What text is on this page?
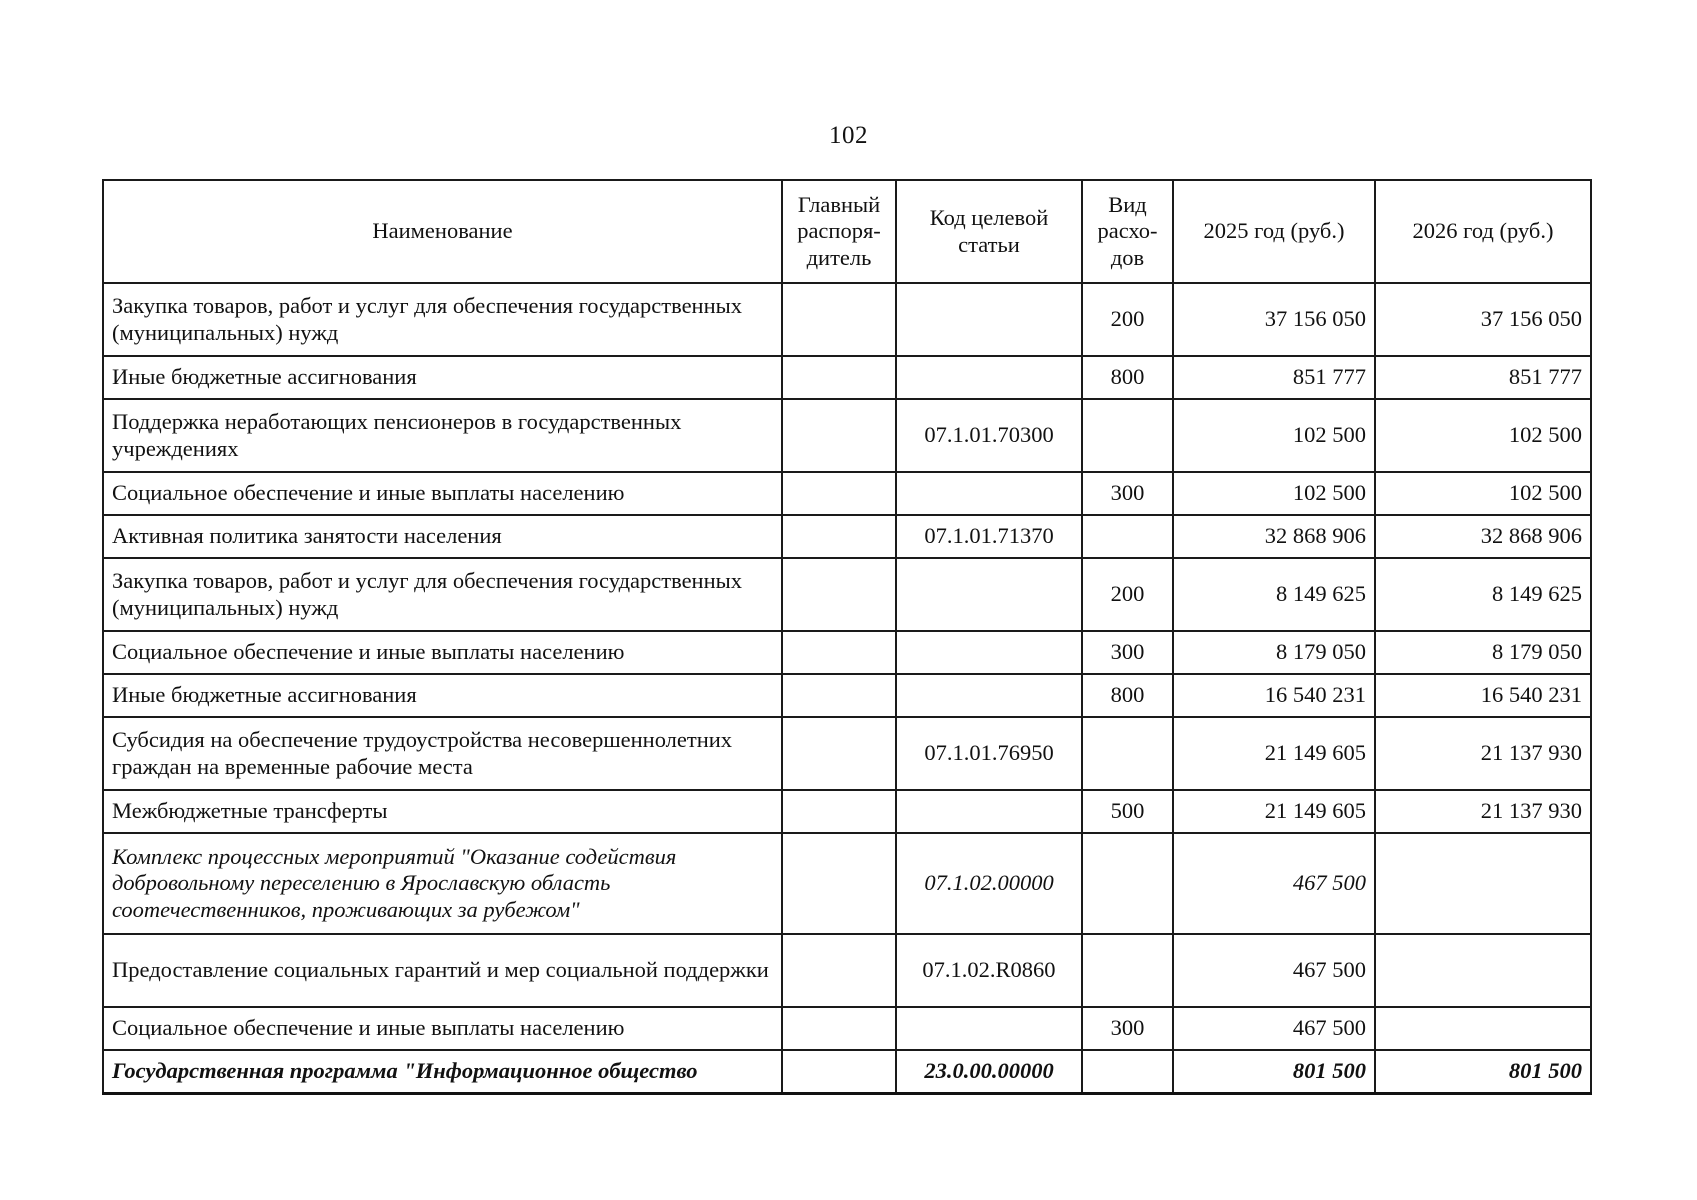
102
Наименование	Главный распоря-дитель	Код целевой статьи	Вид расхо-дов	2025 год (руб.)	2026 год (руб.)
Закупка товаров, работ и услуг для обеспечения государственных (муниципальных) нужд			200	37 156 050	37 156 050
Иные бюджетные ассигнования			800	851 777	851 777
Поддержка неработающих пенсионеров в государственных учреждениях		07.1.01.70300		102 500	102 500
Социальное обеспечение и иные выплаты населению			300	102 500	102 500
Активная политика занятости населения		07.1.01.71370		32 868 906	32 868 906
Закупка товаров, работ и услуг для обеспечения государственных (муниципальных) нужд			200	8 149 625	8 149 625
Социальное обеспечение и иные выплаты населению			300	8 179 050	8 179 050
Иные бюджетные ассигнования			800	16 540 231	16 540 231
Субсидия на обеспечение трудоустройства несовершеннолетних граждан на временные рабочие места		07.1.01.76950		21 149 605	21 137 930
Межбюджетные трансферты			500	21 149 605	21 137 930
Комплекс процессных мероприятий "Оказание содействия добровольному переселению в Ярославскую область соотечественников, проживающих за рубежом"		07.1.02.00000		467 500	
Предоставление социальных гарантий и мер социальной поддержки		07.1.02.R0860		467 500	
Социальное обеспечение и иные выплаты населению			300	467 500	
Государственная программа "Информационное общество		23.0.00.00000		801 500	801 500
